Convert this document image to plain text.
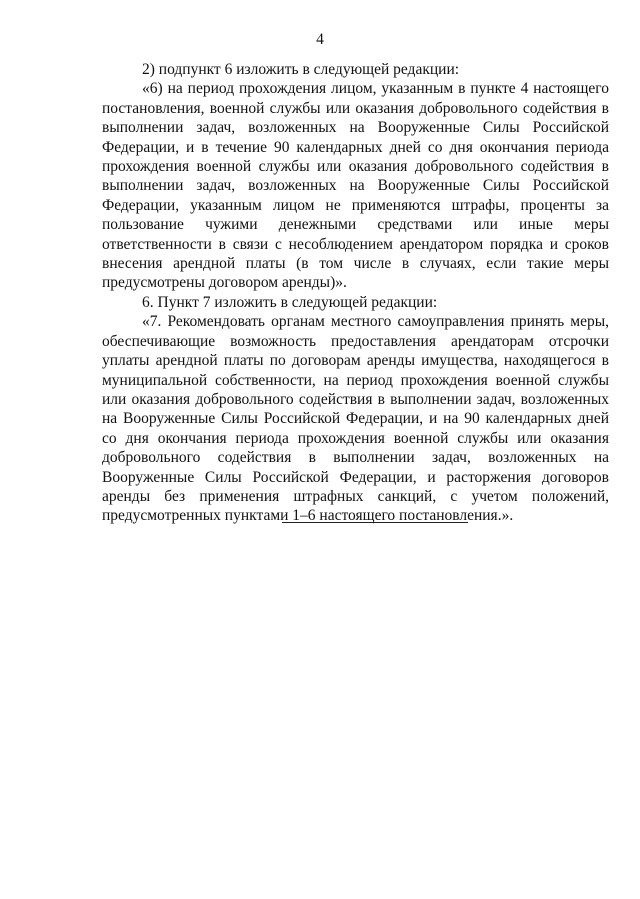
4

2) подпункт 6 изложить в следующей редакции:

«6) на период прохождения лицом, указанным в пункте 4 настоящего постановления, военной службы или оказания добровольного содействия в выполнении задач, возложенных на Вооруженные Силы Российской Федерации, и в течение 90 календарных дней со дня окончания периода прохождения военной службы или оказания добровольного содействия в выполнении задач, возложенных на Вооруженные Силы Российской Федерации, указанным лицом не применяются штрафы, проценты за пользование чужими денежными средствами или иные меры ответственности в связи с несоблюдением арендатором порядка и сроков внесения арендной платы (в том числе в случаях, если такие меры предусмотрены договором аренды)».

6. Пункт 7 изложить в следующей редакции:

«7. Рекомендовать органам местного самоуправления принять меры, обеспечивающие возможность предоставления арендаторам отсрочки уплаты арендной платы по договорам аренды имущества, находящегося в муниципальной собственности, на период прохождения военной службы или оказания добровольного содействия в выполнении задач, возложенных на Вооруженные Силы Российской Федерации, и на 90 календарных дней со дня окончания периода прохождения военной службы или оказания добровольного содействия в выполнении задач, возложенных на Вооруженные Силы Российской Федерации, и расторжения договоров аренды без применения штрафных санкций, с учетом положений, предусмотренных пунктами 1–6 настоящего постановления.».
